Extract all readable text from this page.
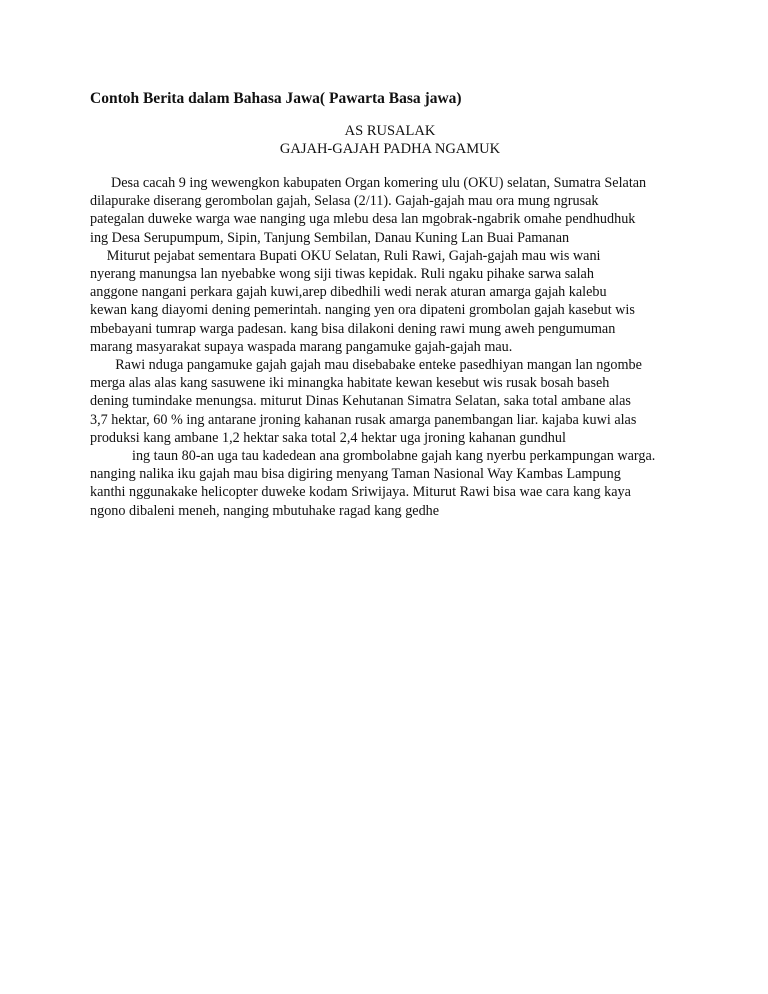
Contoh Berita dalam Bahasa Jawa( Pawarta Basa jawa)
AS RUSALAK
GAJAH-GAJAH PADHA NGAMUK
Desa cacah 9 ing wewengkon kabupaten Organ komering ulu (OKU) selatan, Sumatra Selatan
dilapurake diserang gerombolan gajah, Selasa (2/11). Gajah-gajah mau ora mung ngrusak
pategalan duweke warga wae nanging uga mlebu desa lan mgobrak-ngabrik omahe pendhudhuk
ing Desa Serupumpum, Sipin, Tanjung Sembilan, Danau Kuning Lan Buai Pamanan
Miturut pejabat sementara Bupati OKU Selatan, Ruli Rawi, Gajah-gajah mau wis wani
nyerang manungsa lan nyebabke wong siji tiwas kepidak. Ruli ngaku pihake sarwa salah
anggone nangani perkara gajah kuwi,arep dibedhili wedi nerak aturan amarga gajah kalebu
kewan kang diayomi dening pemerintah. nanging yen ora dipateni grombolan gajah kasebut wis
mbebayani tumrap warga padesan. kang bisa dilakoni dening rawi mung aweh pengumuman
marang masyarakat supaya waspada marang pangamuke gajah-gajah mau.
Rawi nduga pangamuke gajah gajah mau disebabake enteke pasedhiyan mangan lan ngombe
merga alas alas kang sasuwene iki minangka habitate kewan kesebut wis rusak bosah baseh
dening tumindake menungsa. miturut Dinas Kehutanan Simatra Selatan, saka total ambane alas
3,7 hektar, 60 % ing antarane jroning kahanan rusak amarga panembangan liar. kajaba kuwi alas
produksi kang ambane 1,2 hektar saka total 2,4 hektar uga jroning kahanan gundhul
ing taun 80-an uga tau kadedean ana grombolabne gajah kang nyerbu perkampungan warga.
nanging nalika iku gajah mau bisa digiring menyang Taman Nasional Way Kambas Lampung
kanthi nggunakake helicopter duweke kodam Sriwijaya. Miturut Rawi bisa wae cara kang kaya
ngono dibaleni meneh, nanging mbutuhake ragad kang gedhe
